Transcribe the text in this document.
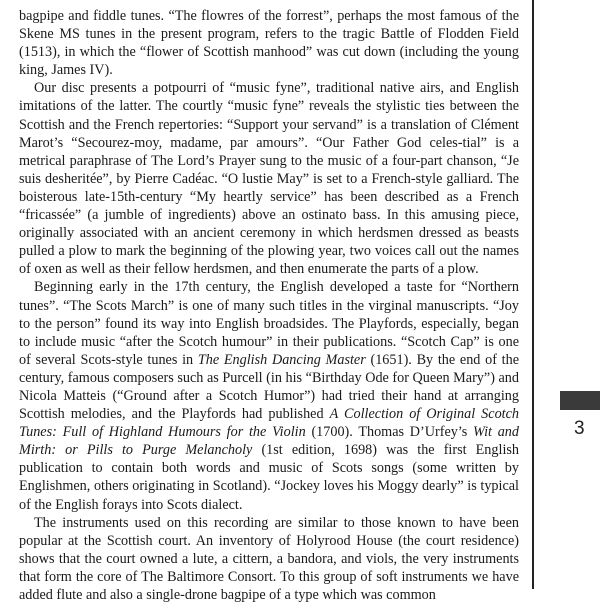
bagpipe and fiddle tunes. “The flowres of the forrest”, perhaps the most famous of the Skene MS tunes in the present program, refers to the tragic Battle of Flodden Field (1513), in which the “flower of Scottish manhood” was cut down (including the young king, James IV).

Our disc presents a potpourri of “music fyne”, traditional native airs, and English imitations of the latter. The courtly “music fyne” reveals the stylistic ties between the Scottish and the French repertories: “Support your servand” is a translation of Clément Marot’s “Secourez-moy, madame, par amours”. “Our Father God celes-tial” is a metrical paraphrase of The Lord’s Prayer sung to the music of a four-part chanson, “Je suis desheritée”, by Pierre Cadéac. “O lustie May” is set to a French-style galliard. The boisterous late-15th-century “My heartly service” has been described as a French “fricassée” (a jumble of ingredients) above an ostinato bass. In this amusing piece, originally associated with an ancient ceremony in which herdsmen dressed as beasts pulled a plow to mark the beginning of the plowing year, two voices call out the names of oxen as well as their fellow herdsmen, and then enumerate the parts of a plow.

Beginning early in the 17th century, the English developed a taste for “Northern tunes”. “The Scots March” is one of many such titles in the virginal manuscripts. “Joy to the person” found its way into English broadsides. The Playfords, especially, began to include music “after the Scotch humour” in their publications. “Scotch Cap” is one of several Scots-style tunes in The English Dancing Master (1651). By the end of the century, famous composers such as Purcell (in his “Birthday Ode for Queen Mary”) and Nicola Matteis (“Ground after a Scotch Humor”) had tried their hand at arranging Scottish melodies, and the Playfords had published A Collection of Original Scotch Tunes: Full of Highland Humours for the Violin (1700). Thomas D’Urfey’s Wit and Mirth: or Pills to Purge Melancholy (1st edition, 1698) was the first English publication to contain both words and music of Scots songs (some written by Englishmen, others originating in Scotland). “Jockey loves his Moggy dearly” is typical of the English forays into Scots dialect.

The instruments used on this recording are similar to those known to have been popular at the Scottish court. An inventory of Holyrood House (the court residence) shows that the court owned a lute, a cittern, a bandora, and viols, the very instruments that form the core of The Baltimore Consort. To this group of soft instruments we have added flute and also a single-drone bagpipe of a type which was common

3
